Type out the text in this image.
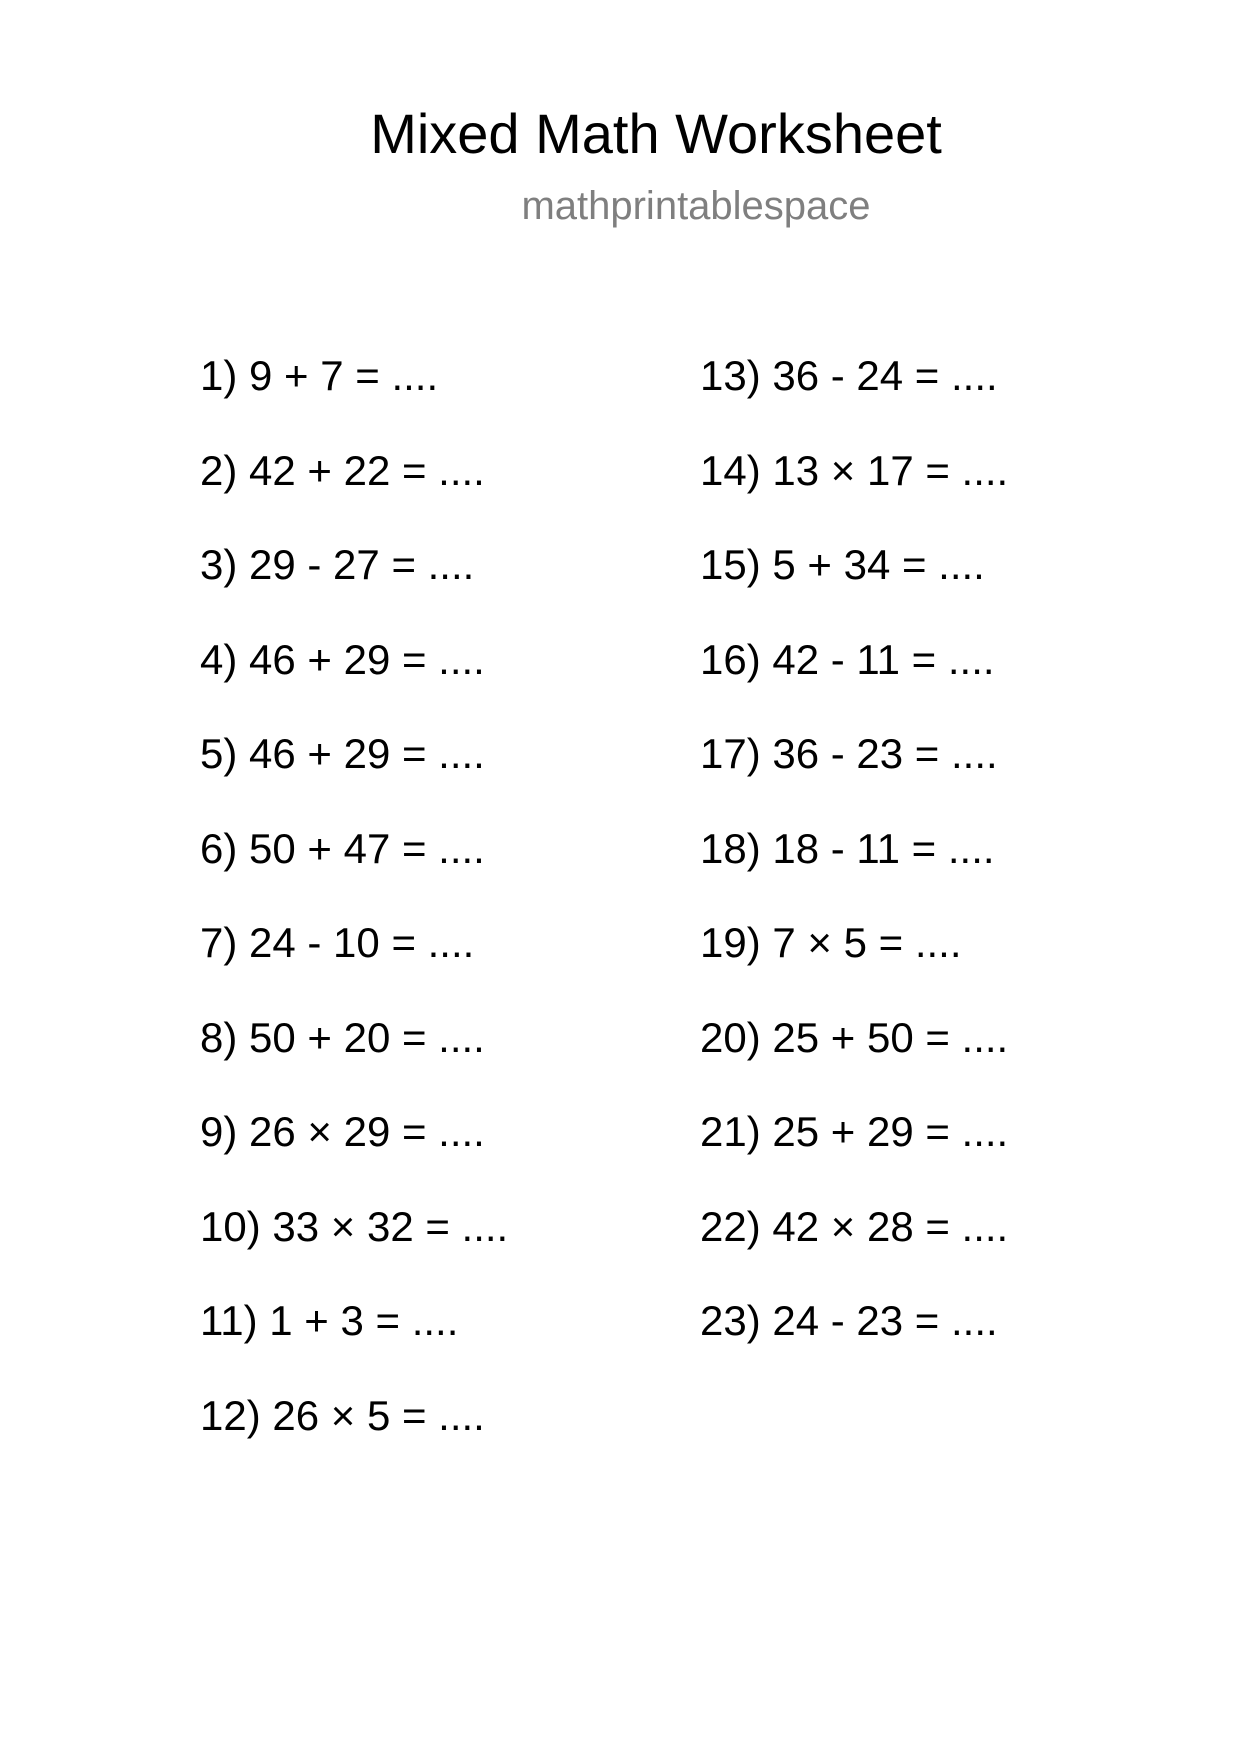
Mixed Math Worksheet
mathprintablespace
1) 9 + 7 = ....
2) 42 + 22 = ....
3) 29 - 27 = ....
4) 46 + 29 = ....
5) 46 + 29 = ....
6) 50 + 47 = ....
7) 24 - 10 = ....
8) 50 + 20 = ....
9) 26 × 29 = ....
10) 33 × 32 = ....
11) 1 + 3 = ....
12) 26 × 5 = ....
13) 36 - 24 = ....
14) 13 × 17 = ....
15) 5 + 34 = ....
16) 42 - 11 = ....
17) 36 - 23 = ....
18) 18 - 11 = ....
19) 7 × 5 = ....
20) 25 + 50 = ....
21) 25 + 29 = ....
22) 42 × 28 = ....
23) 24 - 23 = ....
